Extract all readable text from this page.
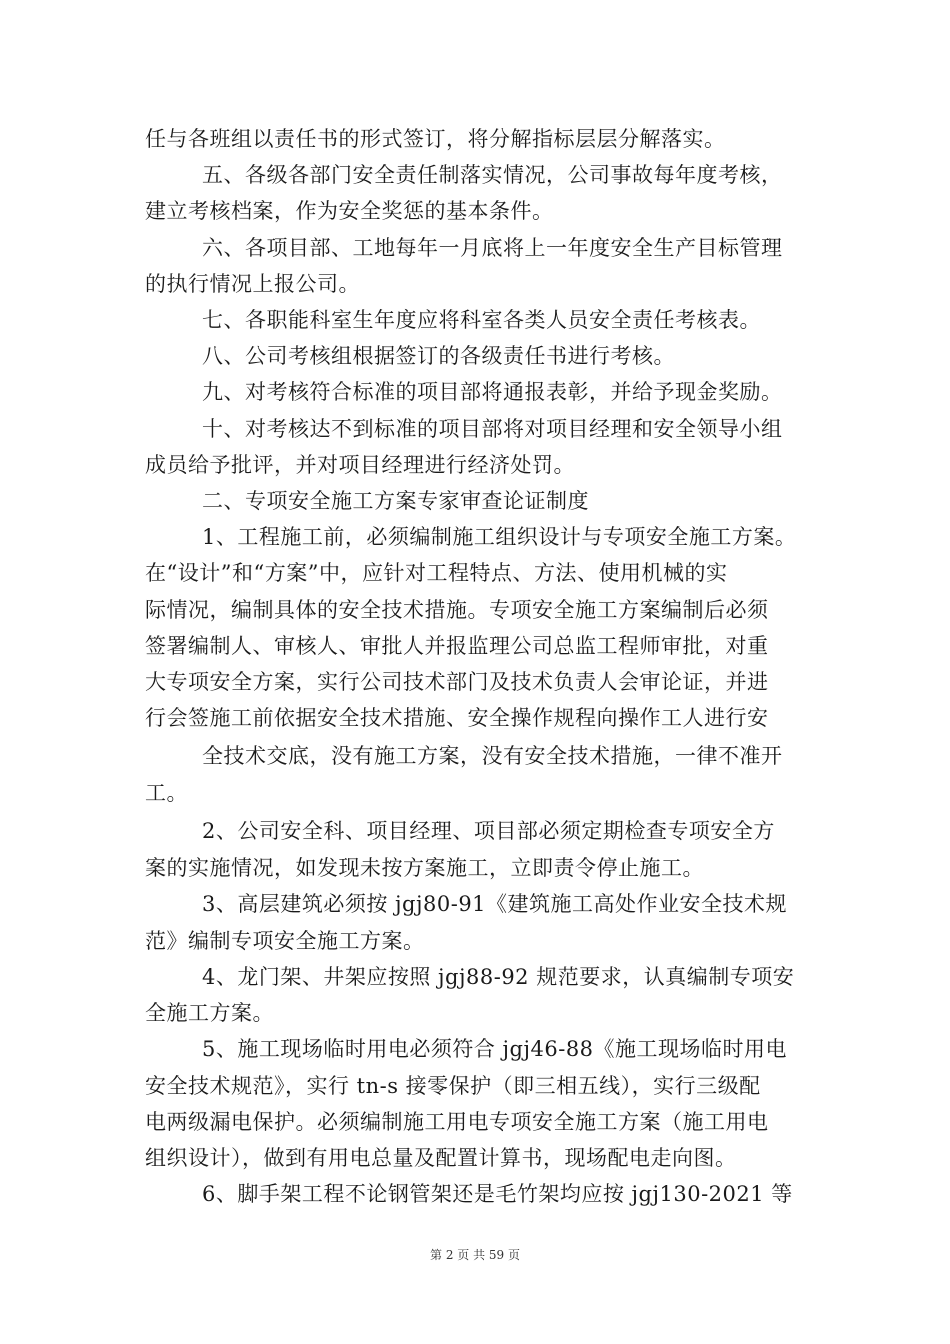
任与各班组以责任书的形式签订，将分解指标层层分解落实。
五、各级各部门安全责任制落实情况，公司事故每年度考核，
建立考核档案，作为安全奖惩的基本条件。
六、各项目部、工地每年一月底将上一年度安全生产目标管理
的执行情况上报公司。
七、各职能科室生年度应将科室各类人员安全责任考核表。
八、公司考核组根据签订的各级责任书进行考核。
九、对考核符合标准的项目部将通报表彰，并给予现金奖励。
十、对考核达不到标准的项目部将对项目经理和安全领导小组
成员给予批评，并对项目经理进行经济处罚。
二、专项安全施工方案专家审查论证制度
1、工程施工前，必须编制施工组织设计与专项安全施工方案。
在“设计”和“方案”中，应针对工程特点、方法、使用机械的实
际情况，编制具体的安全技术措施。专项安全施工方案编制后必须
签署编制人、审核人、审批人并报监理公司总监工程师审批，对重
大专项安全方案，实行公司技术部门及技术负责人会审论证，并进
行会签施工前依据安全技术措施、安全操作规程向操作工人进行安
全技术交底，没有施工方案，没有安全技术措施，一律不准开
工。
2、公司安全科、项目经理、项目部必须定期检查专项安全方
案的实施情况，如发现未按方案施工，立即责令停止施工。
3、高层建筑必须按 jgj80-91《建筑施工高处作业安全技术规
范》编制专项安全施工方案。
4、龙门架、井架应按照 jgj88-92 规范要求，认真编制专项安
全施工方案。
5、施工现场临时用电必须符合 jgj46-88《施工现场临时用电
安全技术规范》，实行 tn-s 接零保护（即三相五线），实行三级配
电两级漏电保护。必须编制施工用电专项安全施工方案（施工用电
组织设计），做到有用电总量及配置计算书，现场配电走向图。
6、脚手架工程不论钢管架还是毛竹架均应按 jgj130-2021 等
第 2 页 共 59 页
